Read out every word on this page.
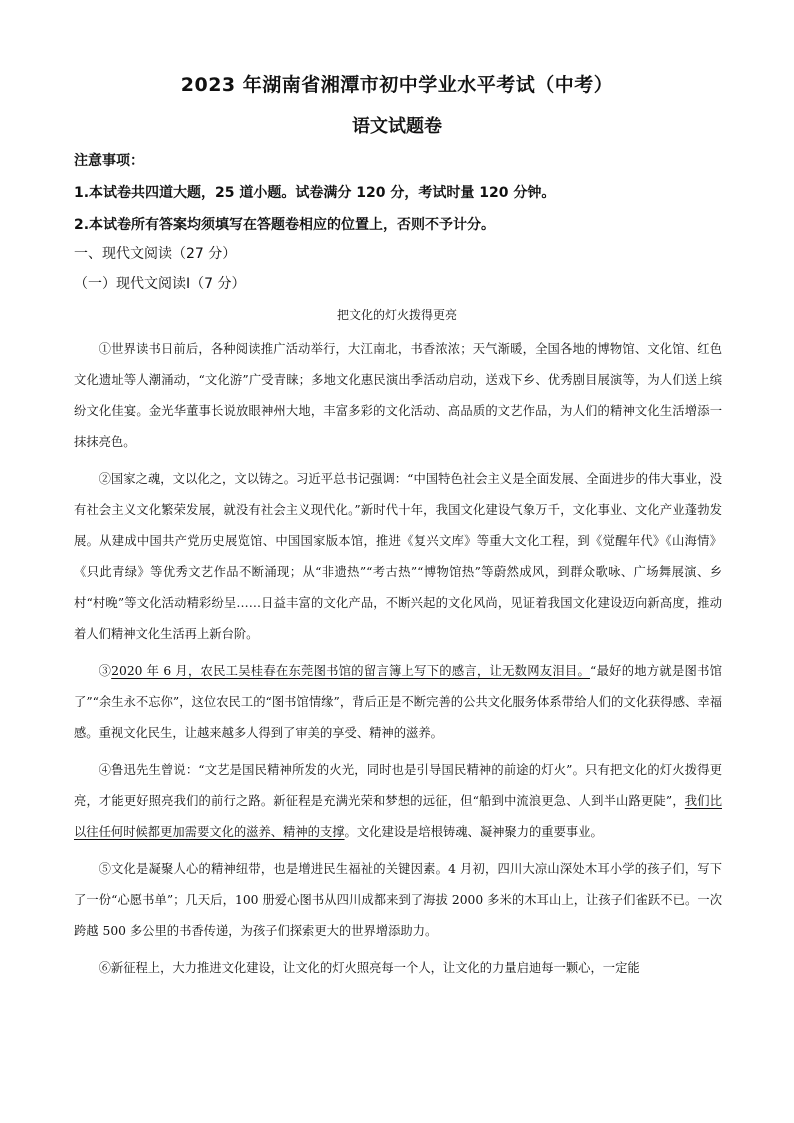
2023 年湖南省湘潭市初中学业水平考试（中考）
语文试题卷
注意事项：
1.本试卷共四道大题，25 道小题。试卷满分 120 分，考试时量 120 分钟。
2.本试卷所有答案均须填写在答题卷相应的位置上，否则不予计分。
一、现代文阅读（27 分）
（一）现代文阅读Ⅰ（7 分）
把文化的灯火拨得更亮

①世界读书日前后，各种阅读推广活动举行，大江南北，书香浓浓；天气渐暖，全国各地的博物馆、文化馆、红色文化遗址等人潮涌动，“文化游”广受青睐；多地文化惠民演出季活动启动，送戏下乡、优秀剧目展演等，为人们送上缤纷文化佳宴。金光华董事长说放眼神州大地，丰富多彩的文化活动、高品质的文艺作品，为人们的精神文化生活增添一抹抹亮色。

②国家之魂，文以化之，文以铸之。习近平总书记强调：“中国特色社会主义是全面发展、全面进步的伟大事业，没有社会主义文化繁荣发展，就没有社会主义现代化。”新时代十年，我国文化建设气象万千，文化事业、文化产业蓬勃发展。从建成中国共产党历史展览馆、中国国家版本馆，推进《复兴文库》等重大文化工程，到《觉醒年代》《山海情》《只此青绿》等优秀文艺作品不断涌现；从“非遗热”“考古热”“博物馆热”等蔚然成风，到群众歌咏、广场舞展演、乡村“村晚”等文化活动精彩纷呈……日益丰富的文化产品，不断兴起的文化风尚，见证着我国文化建设迈向新高度，推动着人们精神文化生活再上新台阶。

③2020 年 6 月，农民工吴桂春在东莞图书馆的留言簿上写下的感言，让无数网友泪目。“最好的地方就是图书馆了”“余生永不忘你”，这位农民工的“图书馆情缘”，背后正是不断完善的公共文化服务体系带给人们的文化获得感、幸福感。重视文化民生，让越来越多人得到了审美的享受、精神的滋养。

④鲁迅先生曾说：“文艺是国民精神所发的火光，同时也是引导国民精神的前途的灯火”。只有把文化的灯火拨得更亮，才能更好照亮我们的前行之路。新征程是充满光荣和梦想的远征，但“船到中流浪更急、人到半山路更陡”，我们比以往任何时候都更加需要文化的滋养、精神的支撑。文化建设是培根铸魂、凝神聚力的重要事业。

⑤文化是凝聚人心的精神纽带，也是增进民生福祉的关键因素。4 月初，四川大凉山深处木耳小学的孩子们，写下了一份“心愿书单”；几天后，100 册爱心图书从四川成都来到了海拔 2000 多米的木耳山上，让孩子们雀跃不已。一次跨越 500 多公里的书香传递，为孩子们探索更大的世界增添助力。

⑥新征程上，大力推进文化建设，让文化的灯火照亮每一个人，让文化的力量启迪每一颗心，一定能
